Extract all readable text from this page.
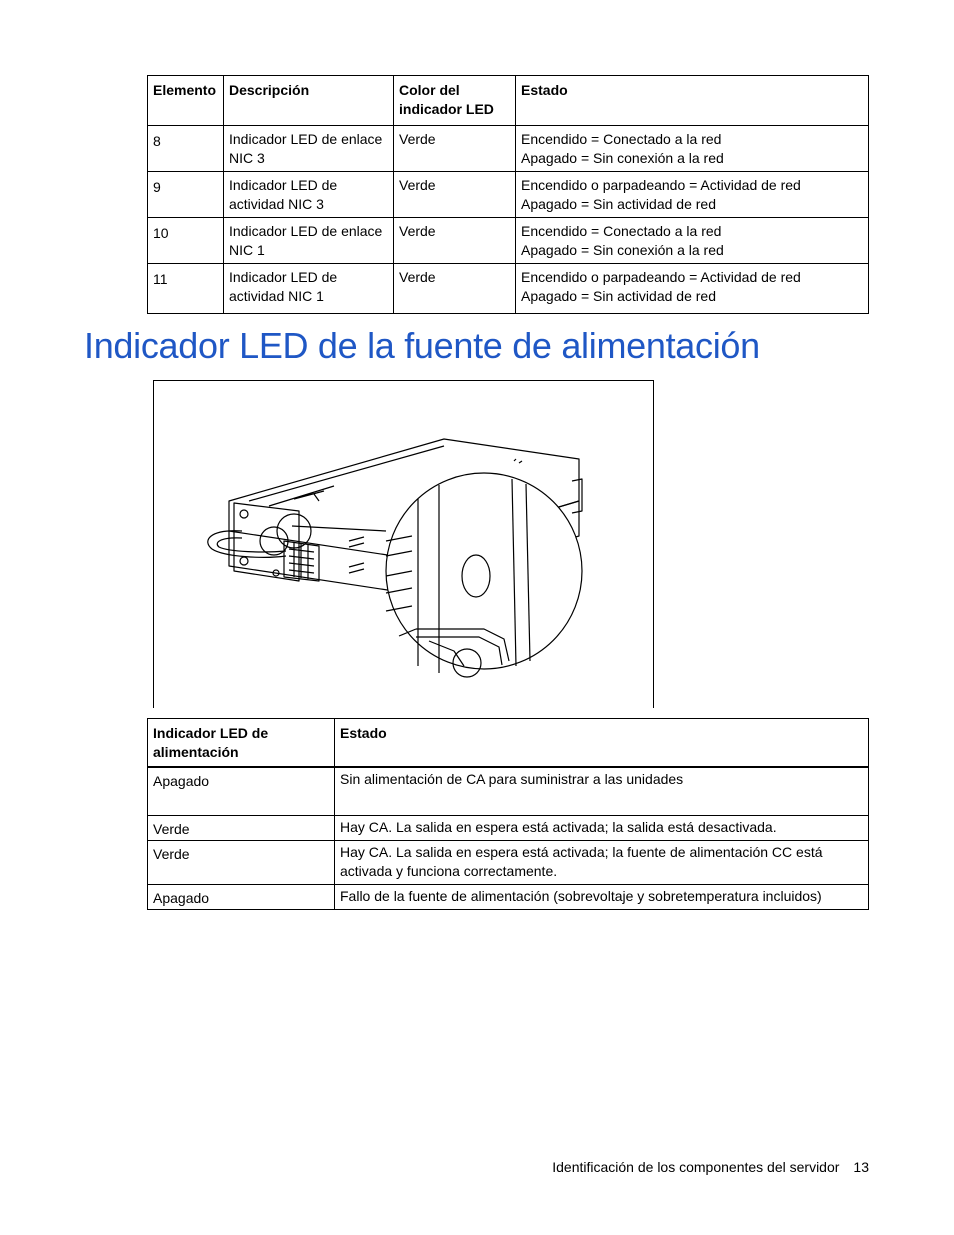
Elemento	Descripción	Color del indicador LED	Estado
8	Indicador LED de enlace NIC 3	Verde	Encendido = Conectado a la red
Apagado = Sin conexión a la red

9	Indicador LED de actividad NIC 3	Verde	Encendido o parpadeando = Actividad de red
Apagado = Sin actividad de red

10	Indicador LED de enlace NIC 1	Verde	Encendido = Conectado a la red
Apagado = Sin conexión a la red

11	Indicador LED de actividad NIC 1	Verde	Encendido o parpadeando = Actividad de red
Apagado = Sin actividad de red
Indicador LED de la fuente de alimentación
Indicador LED de alimentación	Estado
Apagado	Sin alimentación de CA para suministrar a las unidades
Verde	Hay CA. La salida en espera está activada; la salida está desactivada.
Verde	Hay CA. La salida en espera está activada; la fuente de alimentación CC está activada y funciona correctamente.
Apagado	Fallo de la fuente de alimentación (sobrevoltaje y sobretemperatura incluidos)
Identificación de los componentes del servidor 13
